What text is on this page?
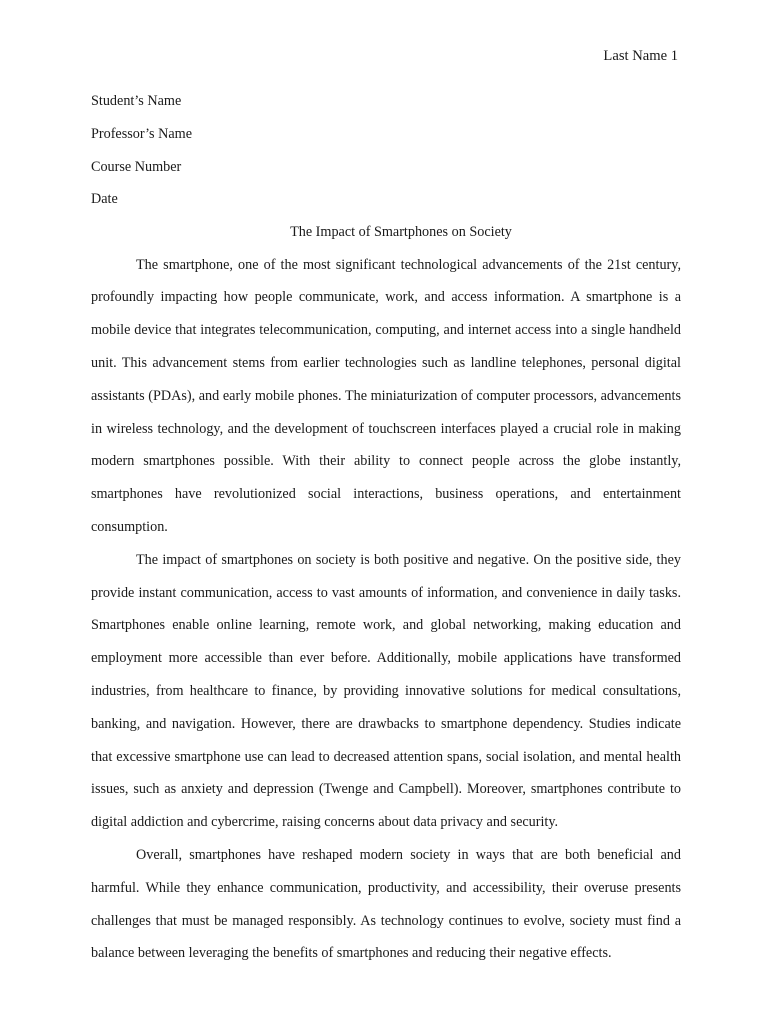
Last Name 1
Student’s Name
Professor’s Name
Course Number
Date
The Impact of Smartphones on Society

The smartphone, one of the most significant technological advancements of the 21st century, profoundly impacting how people communicate, work, and access information. A smartphone is a mobile device that integrates telecommunication, computing, and internet access into a single handheld unit. This advancement stems from earlier technologies such as landline telephones, personal digital assistants (PDAs), and early mobile phones. The miniaturization of computer processors, advancements in wireless technology, and the development of touchscreen interfaces played a crucial role in making modern smartphones possible. With their ability to connect people across the globe instantly, smartphones have revolutionized social interactions, business operations, and entertainment consumption.

The impact of smartphones on society is both positive and negative. On the positive side, they provide instant communication, access to vast amounts of information, and convenience in daily tasks. Smartphones enable online learning, remote work, and global networking, making education and employment more accessible than ever before. Additionally, mobile applications have transformed industries, from healthcare to finance, by providing innovative solutions for medical consultations, banking, and navigation. However, there are drawbacks to smartphone dependency. Studies indicate that excessive smartphone use can lead to decreased attention spans, social isolation, and mental health issues, such as anxiety and depression (Twenge and Campbell). Moreover, smartphones contribute to digital addiction and cybercrime, raising concerns about data privacy and security.

Overall, smartphones have reshaped modern society in ways that are both beneficial and harmful. While they enhance communication, productivity, and accessibility, their overuse presents challenges that must be managed responsibly. As technology continues to evolve, society must find a balance between leveraging the benefits of smartphones and reducing their negative effects.
